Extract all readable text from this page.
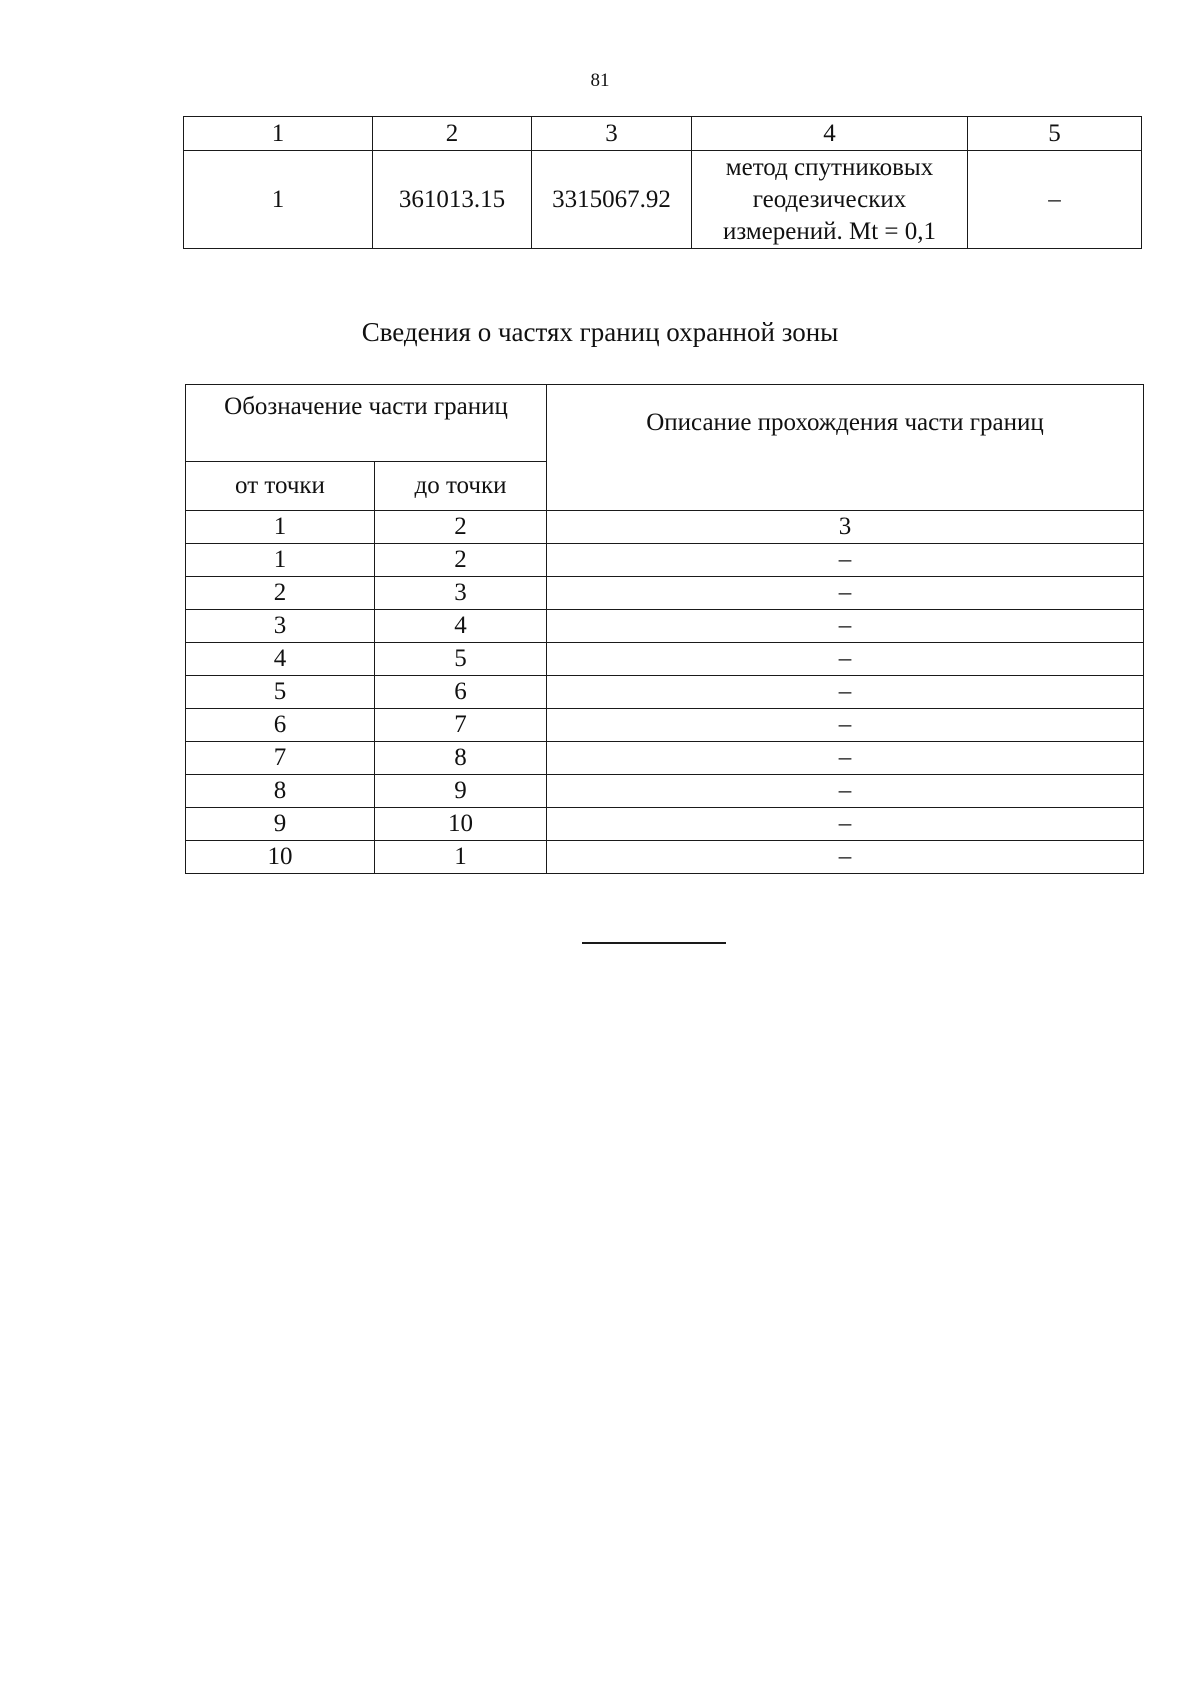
81
1	2	3	4	5
1	361013.15	3315067.92	метод спутниковых
геодезических
измерений. Mt = 0,1	–
Сведения о частях границ охранной зоны
Обозначение части границ		Описание прохождения части границ
от точки	до точки	
1	2	3
1	2	–
2	3	–
3	4	–
4	5	–
5	6	–
6	7	–
7	8	–
8	9	–
9	10	–
10	1	–
